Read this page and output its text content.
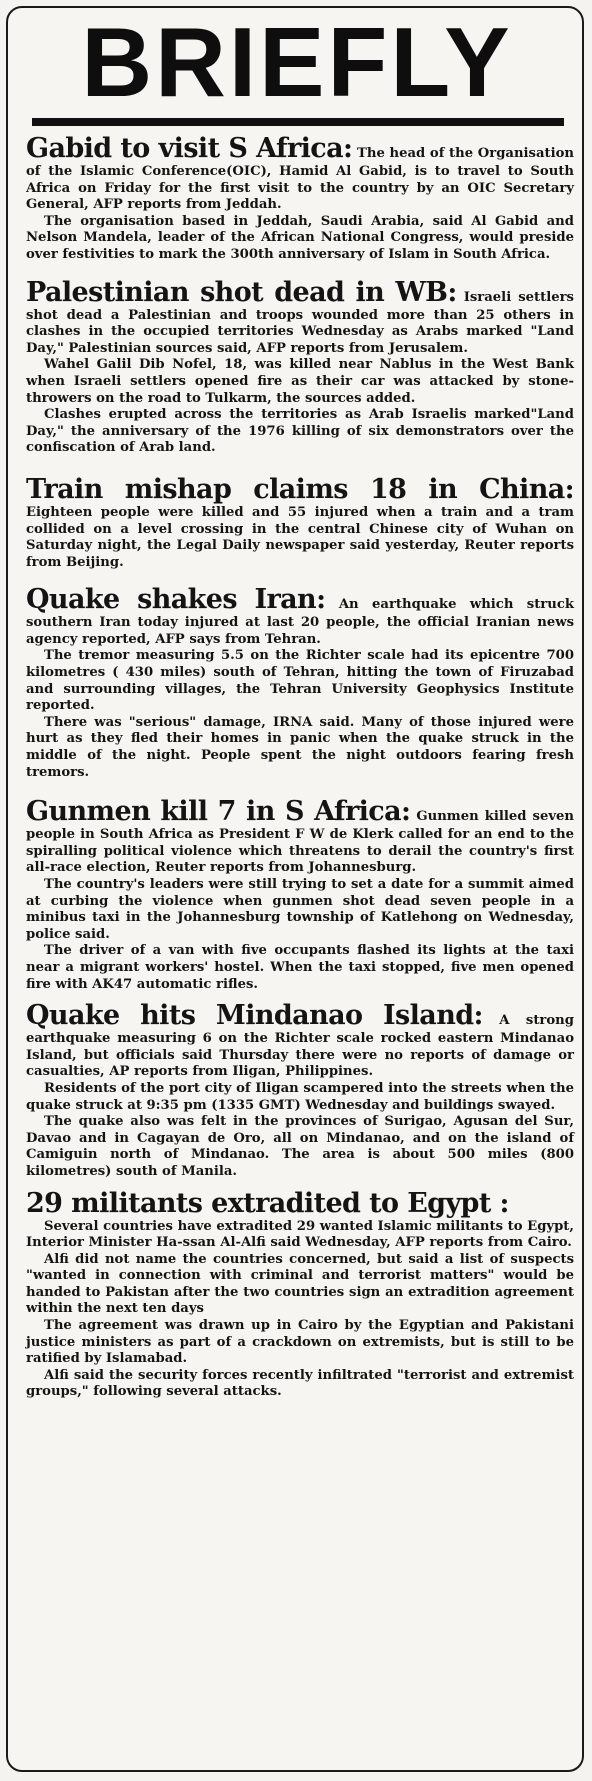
BRIEFLY

Gabid to visit S Africa: The head of the Organisation of the Islamic Conference(OIC), Hamid Al Gabid, is to travel to South Africa on Friday for the first visit to the country by an OIC Secretary General, AFP reports from Jeddah.

The organisation based in Jeddah, Saudi Arabia, said Al Gabid and Nelson Mandela, leader of the African National Congress, would preside over festivities to mark the 300th anniversary of Islam in South Africa.

Palestinian shot dead in WB: Israeli settlers shot dead a Palestinian and troops wounded more than 25 others in clashes in the occupied territories Wednesday as Arabs marked "Land Day," Palestinian sources said, AFP reports from Jerusalem.

Wahel Galil Dib Nofel, 18, was killed near Nablus in the West Bank when Israeli settlers opened fire as their car was attacked by stone-throwers on the road to Tulkarm, the sources added.

Clashes erupted across the territories as Arab Israelis marked"Land Day," the anniversary of the 1976 killing of six demonstrators over the confiscation of Arab land.

Train mishap claims 18 in China: Eighteen people were killed and 55 injured when a train and a tram collided on a level crossing in the central Chinese city of Wuhan on Saturday night, the Legal Daily newspaper said yesterday, Reuter reports from Beijing.

Quake shakes Iran: An earthquake which struck southern Iran today injured at last 20 people, the official Iranian news agency reported, AFP says from Tehran.

The tremor measuring 5.5 on the Richter scale had its epicentre 700 kilometres ( 430 miles) south of Tehran, hitting the town of Firuzabad and surrounding villages, the Tehran University Geophysics Institute reported.

There was "serious" damage, IRNA said. Many of those injured were hurt as they fled their homes in panic when the quake struck in the middle of the night. People spent the night outdoors fearing fresh tremors.

Gunmen kill 7 in S Africa: Gunmen killed seven people in South Africa as President F W de Klerk called for an end to the spiralling political violence which threatens to derail the country's first all-race election, Reuter reports from Johannesburg.

The country's leaders were still trying to set a date for a summit aimed at curbing the violence when gunmen shot dead seven people in a minibus taxi in the Johannesburg township of Katlehong on Wednesday, police said.

The driver of a van with five occupants flashed its lights at the taxi near a migrant workers' hostel. When the taxi stopped, five men opened fire with AK47 automatic rifles.

Quake hits Mindanao Island: A strong earthquake measuring 6 on the Richter scale rocked eastern Mindanao Island, but officials said Thursday there were no reports of damage or casualties, AP reports from Iligan, Philippines.

Residents of the port city of Iligan scampered into the streets when the quake struck at 9:35 pm (1335 GMT) Wednesday and buildings swayed.

The quake also was felt in the provinces of Surigao, Agusan del Sur, Davao and in Cagayan de Oro, all on Mindanao, and on the island of Camiguin north of Mindanao. The area is about 500 miles (800 kilometres) south of Manila.

29 militants extradited to Egypt :

Several countries have extradited 29 wanted Islamic militants to Egypt, Interior Minister Ha-ssan Al-Alfi said Wednesday, AFP reports from Cairo.

Alfi did not name the countries concerned, but said a list of suspects "wanted in connection with criminal and terrorist matters" would be handed to Pakistan after the two countries sign an extradition agreement within the next ten days

The agreement was drawn up in Cairo by the Egyptian and Pakistani justice ministers as part of a crackdown on extremists, but is still to be ratified by Islamabad.

Alfi said the security forces recently infiltrated "terrorist and extremist groups," following several attacks.
